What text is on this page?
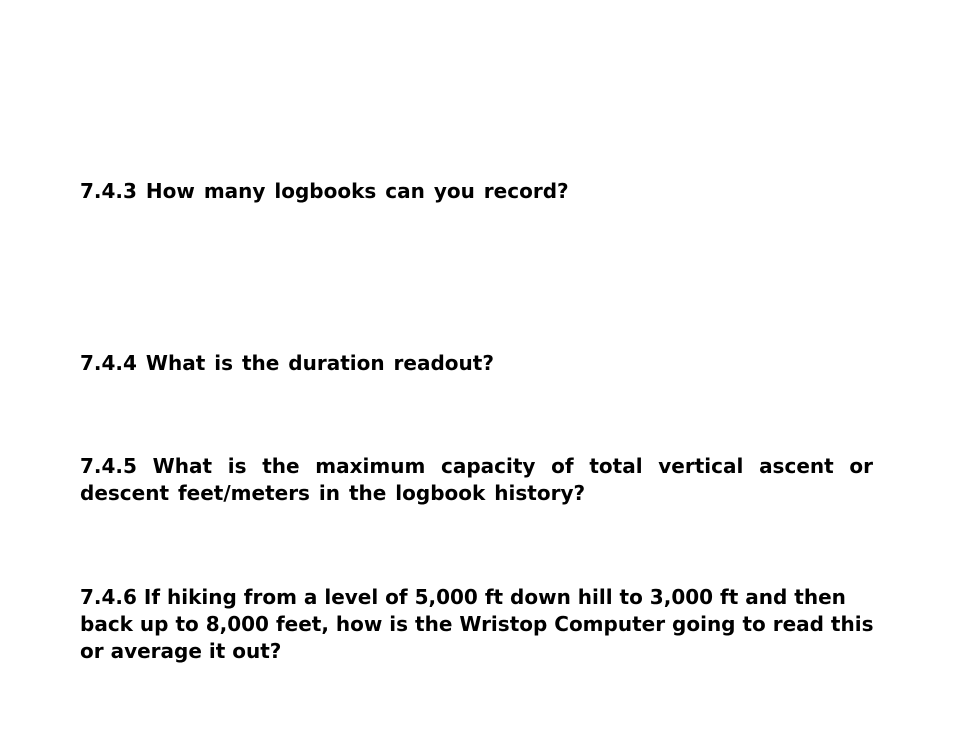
7.4.3 How many logbooks can you record?

7.4.4 What is the duration readout?

7.4.5 What is the maximum capacity of total vertical ascent or descent feet/meters in the logbook history?

7.4.6 If hiking from a level of 5,000 ft down hill to 3,000 ft and then back up to 8,000 feet, how is the Wristop Computer going to read this or average it out?
